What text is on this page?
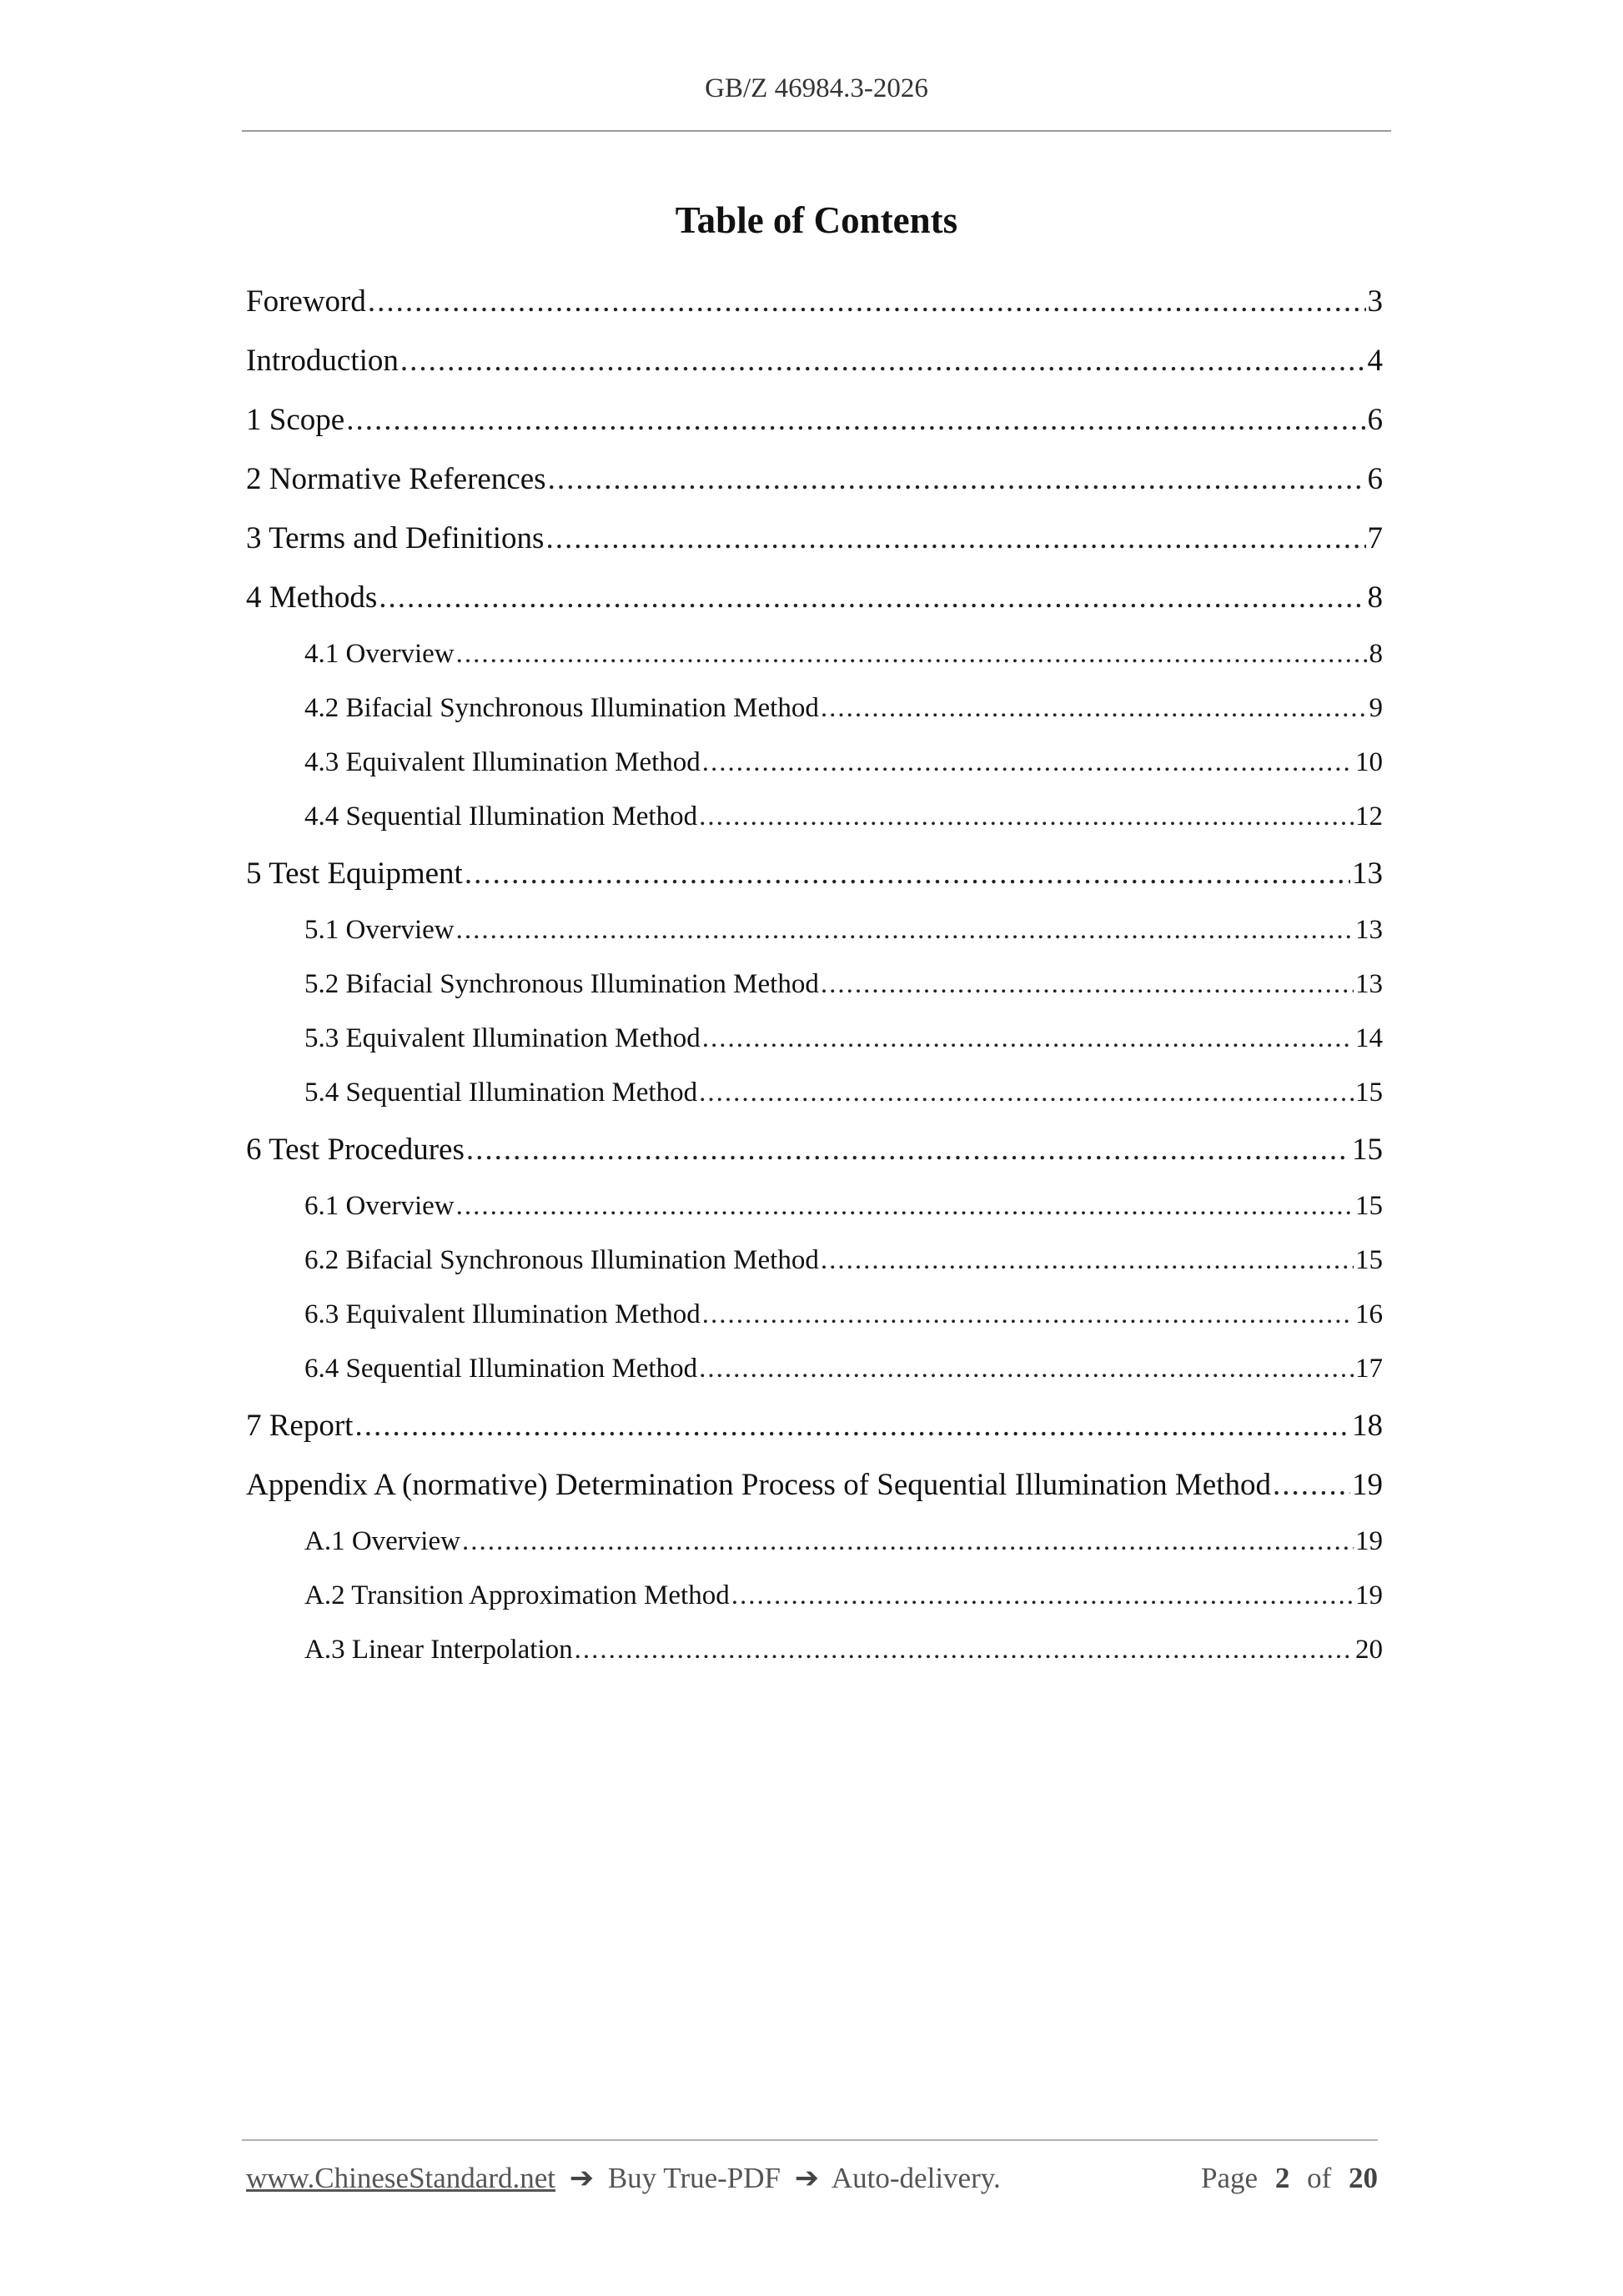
GB/Z 46984.3-2026
Table of Contents
Foreword .....	3
Introduction .....	4
1 Scope .....	6
2 Normative References .....	6
3 Terms and Definitions .....	7
4 Methods .....	8
4.1 Overview .....	8
4.2 Bifacial Synchronous Illumination Method .....	9
4.3 Equivalent Illumination Method .....	10
4.4 Sequential Illumination Method .....	12
5 Test Equipment .....	13
5.1 Overview .....	13
5.2 Bifacial Synchronous Illumination Method .....	13
5.3 Equivalent Illumination Method .....	14
5.4 Sequential Illumination Method .....	15
6 Test Procedures .....	15
6.1 Overview .....	15
6.2 Bifacial Synchronous Illumination Method .....	15
6.3 Equivalent Illumination Method .....	16
6.4 Sequential Illumination Method .....	17
7 Report .....	18
Appendix A (normative) Determination Process of Sequential Illumination Method .....	19
A.1 Overview .....	19
A.2 Transition Approximation Method .....	19
A.3 Linear Interpolation .....	20
www.ChineseStandard.net ➔ Buy True-PDF ➔ Auto-delivery.	Page 2 of 20
